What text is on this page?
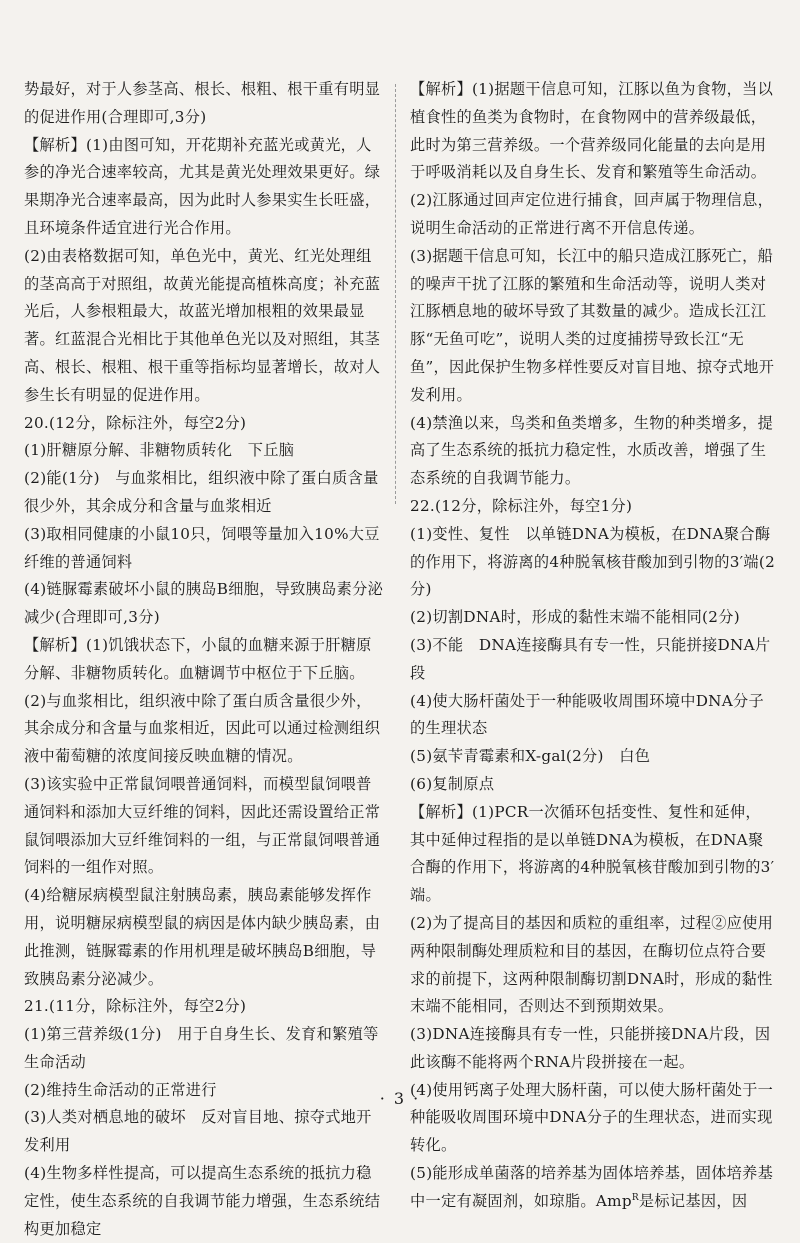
势最好，对于人参茎高、根长、根粗、根干重有明显的促进作用(合理即可,3分)

【解析】(1)由图可知，开花期补充蓝光或黄光，人参的净光合速率较高，尤其是黄光处理效果更好。绿果期净光合速率最高，因为此时人参果实生长旺盛，且环境条件适宜进行光合作用。

(2)由表格数据可知，单色光中，黄光、红光处理组的茎高高于对照组，故黄光能提高植株高度；补充蓝光后，人参根粗最大，故蓝光增加根粗的效果最显著。红蓝混合光相比于其他单色光以及对照组，其茎高、根长、根粗、根干重等指标均显著增长，故对人参生长有明显的促进作用。

20.(12分，除标注外，每空2分)

(1)肝糖原分解、非糖物质转化　下丘脑

(2)能(1分)　与血浆相比，组织液中除了蛋白质含量很少外，其余成分和含量与血浆相近

(3)取相同健康的小鼠10只，饲喂等量加入10%大豆纤维的普通饲料

(4)链脲霉素破坏小鼠的胰岛B细胞，导致胰岛素分泌减少(合理即可,3分)

【解析】(1)饥饿状态下，小鼠的血糖来源于肝糖原分解、非糖物质转化。血糖调节中枢位于下丘脑。

(2)与血浆相比，组织液中除了蛋白质含量很少外，其余成分和含量与血浆相近，因此可以通过检测组织液中葡萄糖的浓度间接反映血糖的情况。

(3)该实验中正常鼠饲喂普通饲料，而模型鼠饲喂普通饲料和添加大豆纤维的饲料，因此还需设置给正常鼠饲喂添加大豆纤维饲料的一组，与正常鼠饲喂普通饲料的一组作对照。

(4)给糖尿病模型鼠注射胰岛素，胰岛素能够发挥作用，说明糖尿病模型鼠的病因是体内缺少胰岛素，由此推测，链脲霉素的作用机理是破坏胰岛B细胞，导致胰岛素分泌减少。

21.(11分，除标注外，每空2分)

(1)第三营养级(1分)　用于自身生长、发育和繁殖等生命活动

(2)维持生命活动的正常进行

(3)人类对栖息地的破坏　反对盲目地、掠夺式地开发利用

(4)生物多样性提高，可以提高生态系统的抵抗力稳定性，使生态系统的自我调节能力增强，生态系统结构更加稳定

【解析】(1)据题干信息可知，江豚以鱼为食物，当以植食性的鱼类为食物时，在食物网中的营养级最低，此时为第三营养级。一个营养级同化能量的去向是用于呼吸消耗以及自身生长、发育和繁殖等生命活动。

(2)江豚通过回声定位进行捕食，回声属于物理信息，说明生命活动的正常进行离不开信息传递。

(3)据题干信息可知，长江中的船只造成江豚死亡，船的噪声干扰了江豚的繁殖和生命活动等，说明人类对江豚栖息地的破坏导致了其数量的减少。造成长江江豚“无鱼可吃”，说明人类的过度捕捞导致长江“无鱼”，因此保护生物多样性要反对盲目地、掠夺式地开发利用。

(4)禁渔以来，鸟类和鱼类增多，生物的种类增多，提高了生态系统的抵抗力稳定性，水质改善，增强了生态系统的自我调节能力。

22.(12分，除标注外，每空1分)

(1)变性、复性　以单链DNA为模板，在DNA聚合酶的作用下，将游离的4种脱氧核苷酸加到引物的3′端(2分)

(2)切割DNA时，形成的黏性末端不能相同(2分)

(3)不能　DNA连接酶具有专一性，只能拼接DNA片段

(4)使大肠杆菌处于一种能吸收周围环境中DNA分子的生理状态

(5)氨苄青霉素和X-gal(2分)　白色

(6)复制原点

【解析】(1)PCR一次循环包括变性、复性和延伸，其中延伸过程指的是以单链DNA为模板，在DNA聚合酶的作用下，将游离的4种脱氧核苷酸加到引物的3′端。

(2)为了提高目的基因和质粒的重组率，过程②应使用两种限制酶处理质粒和目的基因，在酶切位点符合要求的前提下，这两种限制酶切割DNA时，形成的黏性末端不能相同，否则达不到预期效果。

(3)DNA连接酶具有专一性，只能拼接DNA片段，因此该酶不能将两个RNA片段拼接在一起。

(4)使用钙离子处理大肠杆菌，可以使大肠杆菌处于一种能吸收周围环境中DNA分子的生理状态，进而实现转化。

(5)能形成单菌落的培养基为固体培养基，固体培养基中一定有凝固剂，如琼脂。Amp$^R$是标记基因，因

· 3 ·
